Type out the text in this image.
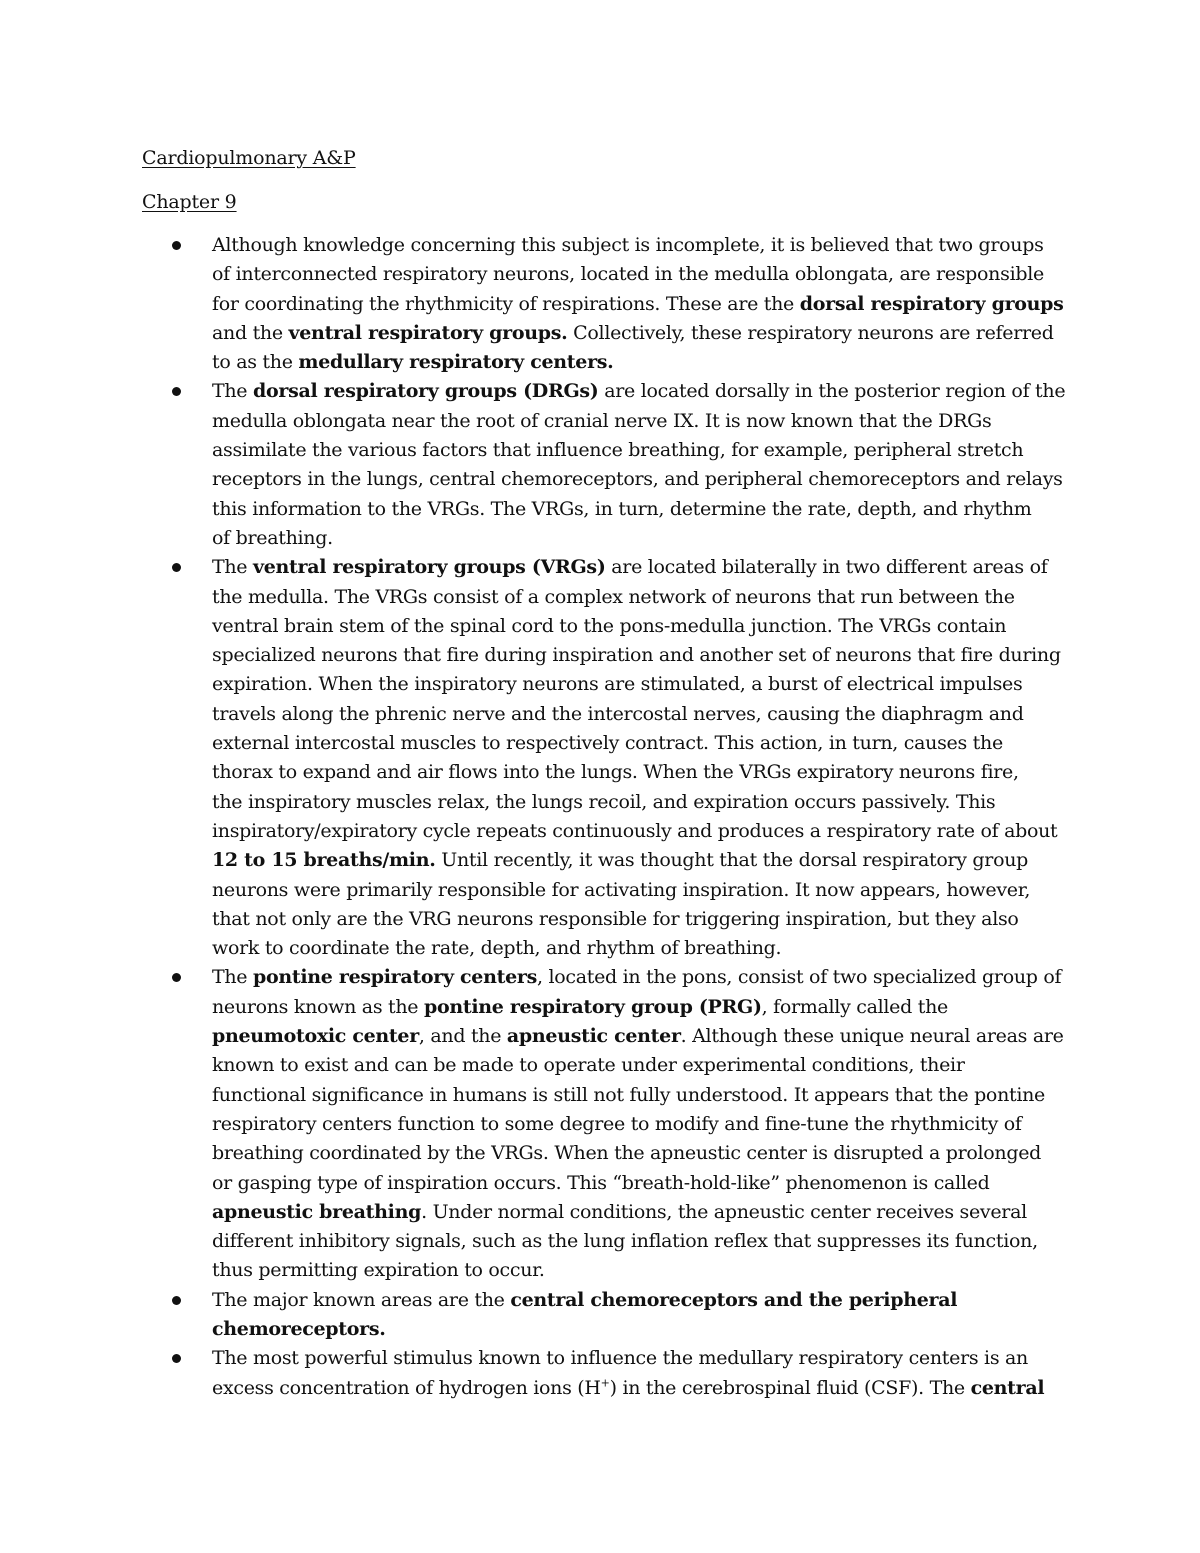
Cardiopulmonary A&P
Chapter 9
Although knowledge concerning this subject is incomplete, it is believed that two groups
of interconnected respiratory neurons, located in the medulla oblongata, are responsible
for coordinating the rhythmicity of respirations. These are the dorsal respiratory groups
and the ventral respiratory groups. Collectively, these respiratory neurons are referred
to as the medullary respiratory centers.
The dorsal respiratory groups (DRGs) are located dorsally in the posterior region of the
medulla oblongata near the root of cranial nerve IX. It is now known that the DRGs
assimilate the various factors that influence breathing, for example, peripheral stretch
receptors in the lungs, central chemoreceptors, and peripheral chemoreceptors and relays
this information to the VRGs. The VRGs, in turn, determine the rate, depth, and rhythm
of breathing.
The ventral respiratory groups (VRGs) are located bilaterally in two different areas of
the medulla. The VRGs consist of a complex network of neurons that run between the
ventral brain stem of the spinal cord to the pons-medulla junction. The VRGs contain
specialized neurons that fire during inspiration and another set of neurons that fire during
expiration. When the inspiratory neurons are stimulated, a burst of electrical impulses
travels along the phrenic nerve and the intercostal nerves, causing the diaphragm and
external intercostal muscles to respectively contract. This action, in turn, causes the
thorax to expand and air flows into the lungs. When the VRGs expiratory neurons fire,
the inspiratory muscles relax, the lungs recoil, and expiration occurs passively. This
inspiratory/expiratory cycle repeats continuously and produces a respiratory rate of about
12 to 15 breaths/min. Until recently, it was thought that the dorsal respiratory group
neurons were primarily responsible for activating inspiration. It now appears, however,
that not only are the VRG neurons responsible for triggering inspiration, but they also
work to coordinate the rate, depth, and rhythm of breathing.
The pontine respiratory centers, located in the pons, consist of two specialized group of
neurons known as the pontine respiratory group (PRG), formally called the
pneumotoxic center, and the apneustic center. Although these unique neural areas are
known to exist and can be made to operate under experimental conditions, their
functional significance in humans is still not fully understood. It appears that the pontine
respiratory centers function to some degree to modify and fine-tune the rhythmicity of
breathing coordinated by the VRGs. When the apneustic center is disrupted a prolonged
or gasping type of inspiration occurs. This “breath-hold-like” phenomenon is called
apneustic breathing. Under normal conditions, the apneustic center receives several
different inhibitory signals, such as the lung inflation reflex that suppresses its function,
thus permitting expiration to occur.
The major known areas are the central chemoreceptors and the peripheral
chemoreceptors.
The most powerful stimulus known to influence the medullary respiratory centers is an
excess concentration of hydrogen ions (H+) in the cerebrospinal fluid (CSF). The central
